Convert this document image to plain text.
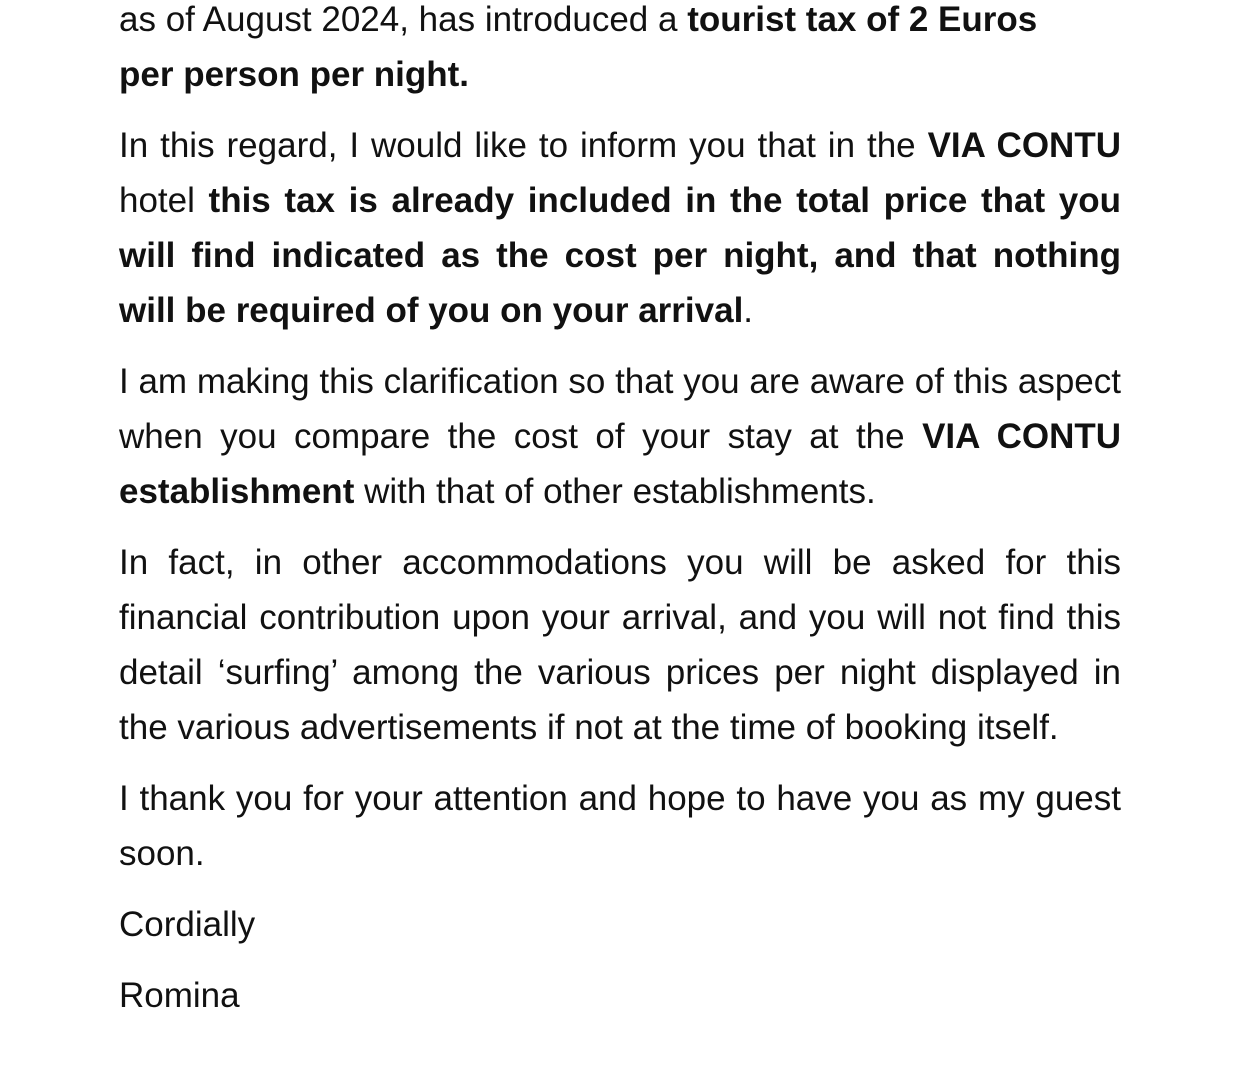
as of August 2024, has introduced a tourist tax of 2 Euros
per person per night.

In this regard, I would like to inform you that in the VIA CONTU hotel this tax is already included in the total price that you will find indicated as the cost per night, and that nothing will be required of you on your arrival.

I am making this clarification so that you are aware of this aspect when you compare the cost of your stay at the VIA CONTU establishment with that of other establishments.

In fact, in other accommodations you will be asked for this financial contribution upon your arrival, and you will not find this detail ‘surfing’ among the various prices per night displayed in the various advertisements if not at the time of booking itself.

I thank you for your attention and hope to have you as my guest soon.

Cordially

Romina
